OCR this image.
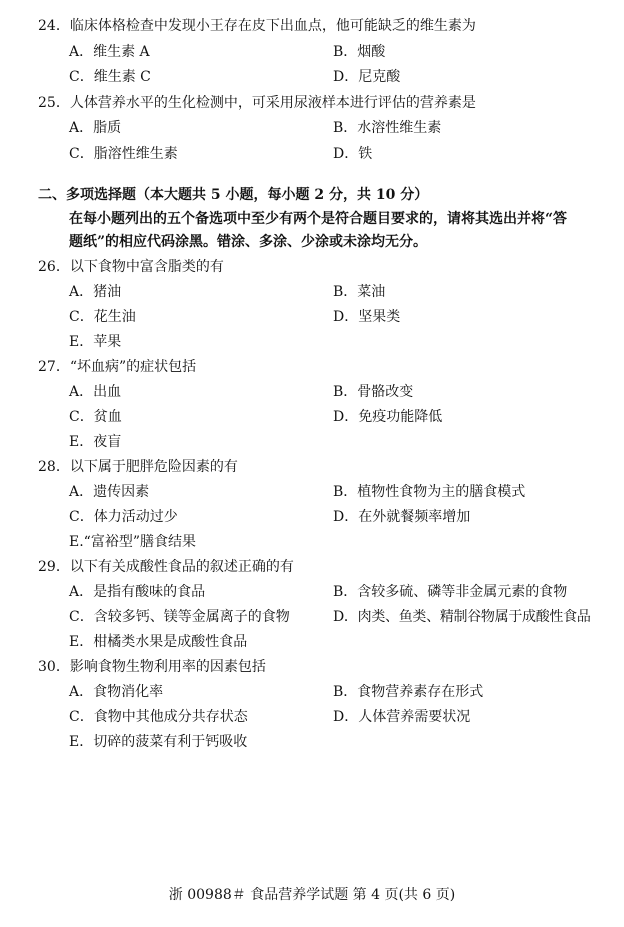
24．临床体格检查中发现小王存在皮下出血点，他可能缺乏的维生素为
A．维生素 A	B．烟酸
C．维生素 C	D．尼克酸
25．人体营养水平的生化检测中，可采用尿液样本进行评估的营养素是
A．脂质	B．水溶性维生素
C．脂溶性维生素	D．铁
二、多项选择题（本大题共 5 小题，每小题 2 分，共 10 分）
在每小题列出的五个备选项中至少有两个是符合题目要求的，请将其选出并将“答
题纸”的相应代码涂黑。错涂、多涂、少涂或未涂均无分。
26．以下食物中富含脂类的有
A．猪油	B．菜油
C．花生油	D．坚果类
E．苹果
27．“坏血病”的症状包括
A．出血	B．骨骼改变
C．贫血	D．免疫功能降低
E．夜盲
28．以下属于肥胖危险因素的有
A．遗传因素	B．植物性食物为主的膳食模式
C．体力活动过少	D．在外就餐频率增加
E.“富裕型”膳食结果
29．以下有关成酸性食品的叙述正确的有
A．是指有酸味的食品	B．含较多硫、磷等非金属元素的食物
C．含较多钙、镁等金属离子的食物	D．肉类、鱼类、精制谷物属于成酸性食品
E．柑橘类水果是成酸性食品
30．影响食物生物利用率的因素包括
A．食物消化率	B．食物营养素存在形式
C．食物中其他成分共存状态	D．人体营养需要状况
E．切碎的菠菜有利于钙吸收
浙 00988＃ 食品营养学试题 第 4 页(共 6 页)
